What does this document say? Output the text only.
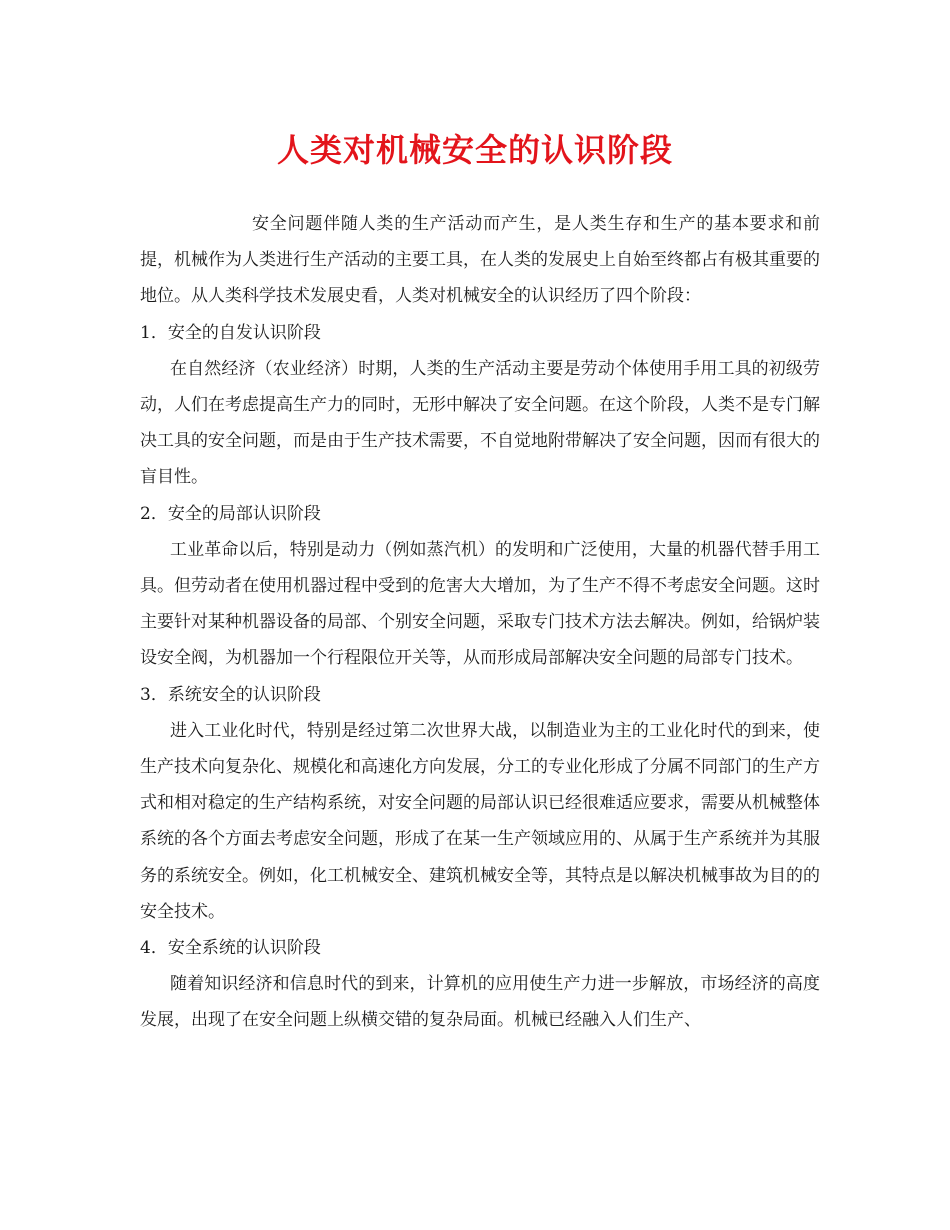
人类对机械安全的认识阶段

安全问题伴随人类的生产活动而产生，是人类生存和生产的基本要求和前提，机械作为人类进行生产活动的主要工具，在人类的发展史上自始至终都占有极其重要的地位。从人类科学技术发展史看，人类对机械安全的认识经历了四个阶段：

1．安全的自发认识阶段

在自然经济（农业经济）时期，人类的生产活动主要是劳动个体使用手用工具的初级劳动，人们在考虑提高生产力的同时，无形中解决了安全问题。在这个阶段，人类不是专门解决工具的安全问题，而是由于生产技术需要，不自觉地附带解决了安全问题，因而有很大的盲目性。

2．安全的局部认识阶段

工业革命以后，特别是动力（例如蒸汽机）的发明和广泛使用，大量的机器代替手用工具。但劳动者在使用机器过程中受到的危害大大增加，为了生产不得不考虑安全问题。这时主要针对某种机器设备的局部、个别安全问题，采取专门技术方法去解决。例如，给锅炉装设安全阀，为机器加一个行程限位开关等，从而形成局部解决安全问题的局部专门技术。

3．系统安全的认识阶段

进入工业化时代，特别是经过第二次世界大战，以制造业为主的工业化时代的到来，使生产技术向复杂化、规模化和高速化方向发展，分工的专业化形成了分属不同部门的生产方式和相对稳定的生产结构系统，对安全问题的局部认识已经很难适应要求，需要从机械整体系统的各个方面去考虑安全问题，形成了在某一生产领域应用的、从属于生产系统并为其服务的系统安全。例如，化工机械安全、建筑机械安全等，其特点是以解决机械事故为目的的 安全技术。

4．安全系统的认识阶段

随着知识经济和信息时代的到来，计算机的应用使生产力进一步解放，市场经济的高度发展，出现了在安全问题上纵横交错的复杂局面。机械已经融入人们生产、
